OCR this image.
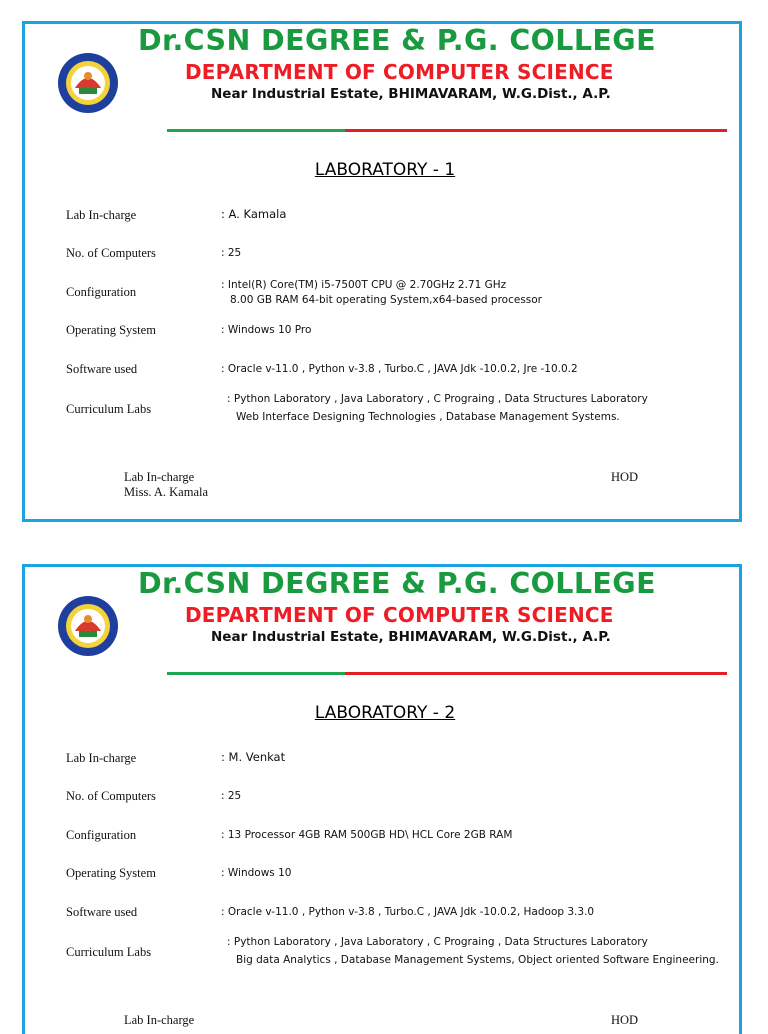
Dr.CSN DEGREE & P.G. COLLEGE
DEPARTMENT OF COMPUTER SCIENCE
Near Industrial Estate, BHIMAVARAM, W.G.Dist., A.P.
LABORATORY - 1
Lab In-charge	: A. Kamala
No. of Computers	: 25
Configuration	: Intel(R) Core(TM) i5-7500T CPU @ 2.70GHz 2.71 GHz
8.00 GB RAM 64-bit operating System,x64-based processor
Operating System	: Windows 10 Pro
Software used	: Oracle v-11.0 , Python v-3.8 , Turbo.C , JAVA Jdk -10.0.2, Jre -10.0.2
Curriculum Labs
: Python Laboratory , Java Laboratory , C Prograing , Data Structures Laboratory
Web Interface Designing Technologies , Database Management Systems.
Lab In-charge
Miss. A. Kamala
HOD
Dr.CSN DEGREE & P.G. COLLEGE
DEPARTMENT OF COMPUTER SCIENCE
Near Industrial Estate, BHIMAVARAM, W.G.Dist., A.P.
LABORATORY - 2
Lab In-charge	: M. Venkat
No. of Computers	: 25
Configuration	: 13 Processor 4GB RAM 500GB HD\ HCL Core 2GB RAM
Operating System	: Windows 10
Software used	: Oracle v-11.0 , Python v-3.8 , Turbo.C , JAVA Jdk -10.0.2, Hadoop 3.3.0
Curriculum Labs
: Python Laboratory , Java Laboratory , C Prograing , Data Structures Laboratory
Big data Analytics , Database Management Systems, Object oriented Software Engineering.
Lab In-charge	HOD
